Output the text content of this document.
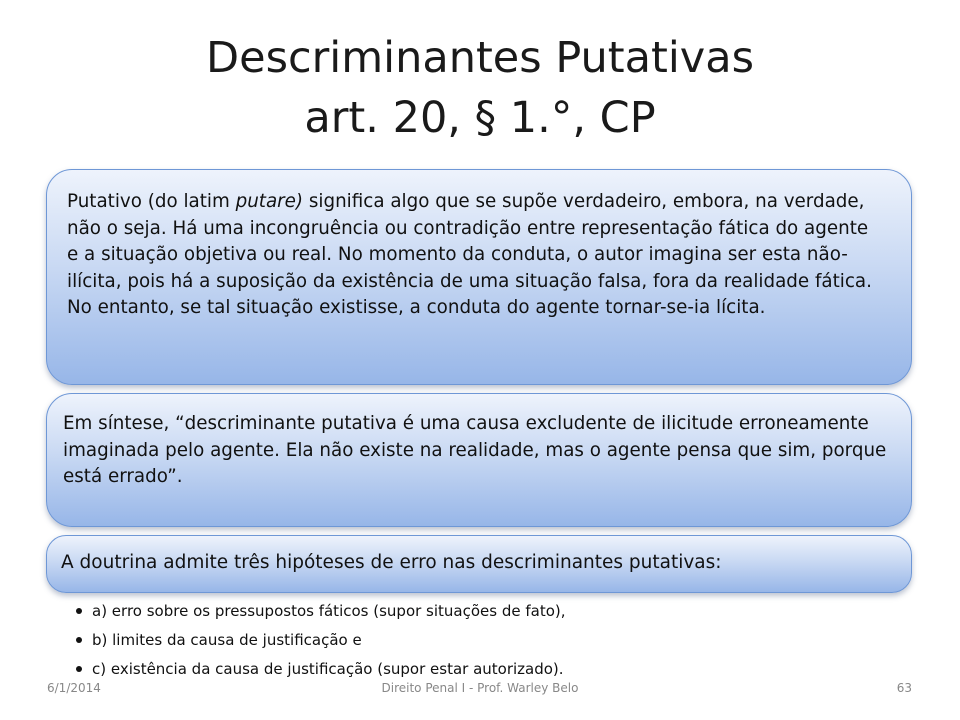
Descriminantes Putativas
art. 20, § 1.°, CP

Putativo (do latim putare) significa algo que se supõe verdadeiro, embora, na verdade, não o seja. Há uma incongruência ou contradição entre representação fática do agente e a situação objetiva ou real. No momento da conduta, o autor imagina ser esta não-ilícita, pois há a suposição da existência de uma situação falsa, fora da realidade fática. No entanto, se tal situação existisse, a conduta do agente tornar-se-ia lícita.

Em síntese, “descriminante putativa é uma causa excludente de ilicitude erroneamente imaginada pelo agente. Ela não existe na realidade, mas o agente pensa que sim, porque está errado”.

A doutrina admite três hipóteses de erro nas descriminantes putativas:

a) erro sobre os pressupostos fáticos (supor situações de fato),
b) limites da causa de justificação e
c) existência da causa de justificação (supor estar autorizado).
6/1/2014	Direito Penal I - Prof. Warley Belo	63
